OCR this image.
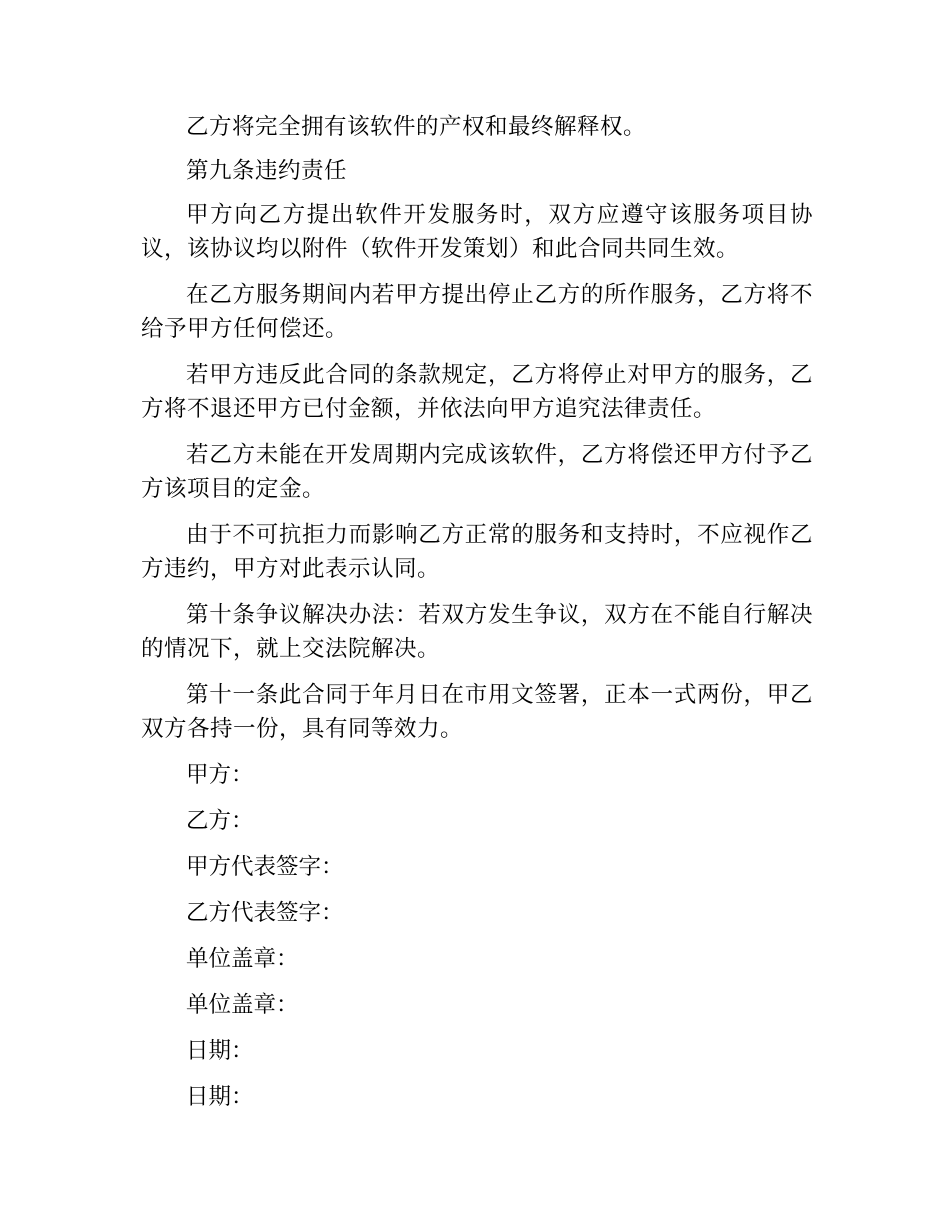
乙方将完全拥有该软件的产权和最终解释权。

第九条违约责任

甲方向乙方提出软件开发服务时，双方应遵守该服务项目协议，该协议均以附件（软件开发策划）和此合同共同生效。

在乙方服务期间内若甲方提出停止乙方的所作服务，乙方将不给予甲方任何偿还。

若甲方违反此合同的条款规定，乙方将停止对甲方的服务，乙方将不退还甲方已付金额，并依法向甲方追究法律责任。

若乙方未能在开发周期内完成该软件，乙方将偿还甲方付予乙方该项目的定金。

由于不可抗拒力而影响乙方正常的服务和支持时，不应视作乙方违约，甲方对此表示认同。

第十条争议解决办法：若双方发生争议，双方在不能自行解决的情况下，就上交法院解决。

第十一条此合同于年月日在市用文签署，正本一式两份，甲乙双方各持一份，具有同等效力。

甲方：

乙方：

甲方代表签字：

乙方代表签字：

单位盖章：

单位盖章：

日期：

日期：
